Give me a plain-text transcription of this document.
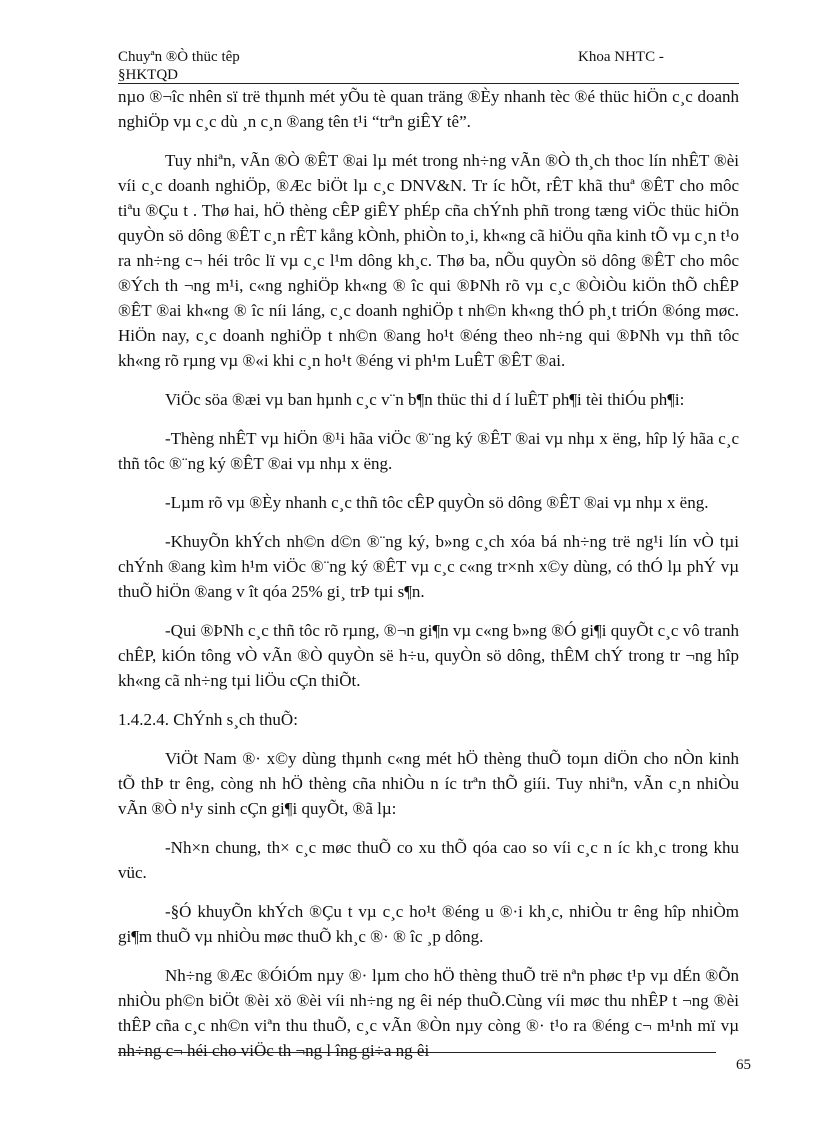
Chuyªn ®Ò thüc têp
§HKTQD
Khoa NHTC -

nµo ®¬îc nhên sï trë thµnh mét yÕu tè quan träng ®Èy nhanh tèc ®é thüc hiÖn c¸c doanh nghiÖp vµ c¸c dù ¸n c¸n ®ang tên t¹i “trªn giÊY tê”.

Tuy nhiªn, vÃn ®Ò ®ÊT ®ai lµ mét trong nh÷ng vÃn ®Ò th¸ch thoc lín nhÊT ®èi víi c¸c doanh nghiÖp, ®Æc biÖt lµ c¸c DNV&N. Tr íc hÕt, rÊT khã thuª ®ÊT cho môc tiªu ®Çu t . Thø hai, hÖ thèng cÊP giÊY phÉp cña chÝnh phñ trong tæng viÖc thüc hiÖn quyÒn sö dông ®ÊT c¸n rÊT kång kÒnh, phiÒn to¸i, kh«ng cã hiÖu qña kinh tÕ vµ c¸n t¹o ra nh÷ng c¬ héi trôc lï vµ c¸c l¹m dông kh¸c. Thø ba, nÕu quyÒn sö dông ®ÊT cho môc ®Ých th ¬ng m¹i, c«ng nghiÖp kh«ng ® îc qui ®ÞNh rõ vµ c¸c ®ÒiÒu kiÖn thÕ chÊP ®ÊT ®ai kh«ng ® îc níi láng, c¸c doanh nghiÖp t nh©n kh«ng thÓ ph¸t triÓn ®óng møc. HiÖn nay, c¸c doanh nghiÖp t nh©n ®ang ho¹t ®éng theo nh÷ng qui ®ÞNh vµ thñ tôc kh«ng rõ rµng vµ ®«i khi c¸n ho¹t ®éng vi ph¹m LuÊT ®ÊT ®ai.

ViÖc söa ®æi vµ ban hµnh c¸c v¨n b¶n thüc thi d í luÊT ph¶i tèi thiÓu ph¶i:

-Thèng nhÊT vµ hiÖn ®¹i hãa viÖc ®¨ng ký ®ÊT ®ai vµ nhµ x ëng, hîp lý hãa c¸c thñ tôc ®¨ng ký ®ÊT ®ai vµ nhµ x ëng.

-Lµm rõ vµ ®Èy nhanh c¸c thñ tôc cÊP quyÒn sö dông ®ÊT ®ai vµ nhµ x ëng.

-KhuyÕn khÝch nh©n d©n ®¨ng ký, b»ng c¸ch xóa bá nh÷ng trë ng¹i lín vÒ tµi chÝnh ®ang kìm h¹m viÖc ®¨ng ký ®ÊT vµ c¸c c«ng tr×nh x©y dùng, có thÓ lµ phÝ vµ thuÕ hiÖn ®ang v ît qóa 25% gi¸ trÞ tµi s¶n.

-Qui ®ÞNh c¸c thñ tôc rõ rµng, ®¬n gi¶n vµ c«ng b»ng ®Ó gi¶i quyÕt c¸c vô tranh chÊP, kiÓn tông vÒ vÃn ®Ò quyÒn së h÷u, quyÒn sö dông, thÊM chÝ trong tr ¬ng hîp kh«ng cã nh÷ng tµi liÖu cÇn thiÕt.

1.4.2.4. ChÝnh s¸ch thuÕ:

ViÖt Nam ®· x©y dùng thµnh c«ng mét hÖ thèng thuÕ toµn diÖn cho nÒn kinh tÕ thÞ tr êng, còng nh hÖ thèng cña nhiÒu n íc trªn thÕ giíi. Tuy nhiªn, vÃn c¸n nhiÒu vÃn ®Ò n¹y sinh cÇn gi¶i quyÕt, ®ã lµ:

-Nh×n chung, th× c¸c møc thuÕ co xu thÕ qóa cao so víi c¸c n íc kh¸c trong khu vüc.

-§Ó khuyÕn khÝch ®Çu t vµ c¸c ho¹t ®éng u ®·i kh¸c, nhiÒu tr êng hîp nhiÒm gi¶m thuÕ vµ nhiÒu møc thuÕ kh¸c ®· ® îc ¸p dông.

Nh÷ng ®Æc ®ÓiÓm nµy ®· lµm cho hÖ thèng thuÕ trë nªn phøc t¹p vµ dÉn ®Õn nhiÒu ph©n biÖt ®èi xö ®èi víi nh÷ng ng êi nép thuÕ.Cùng víi møc thu nhÊP t ¬ng ®èi thÊP cña c¸c nh©n viªn thu thuÕ, c¸c vÃn ®Òn nµy còng ®· t¹o ra ®éng c¬ m¹nh mï vµ nh÷ng c¬ héi cho viÖc th ¬ng l îng gi÷a ng êi

65
